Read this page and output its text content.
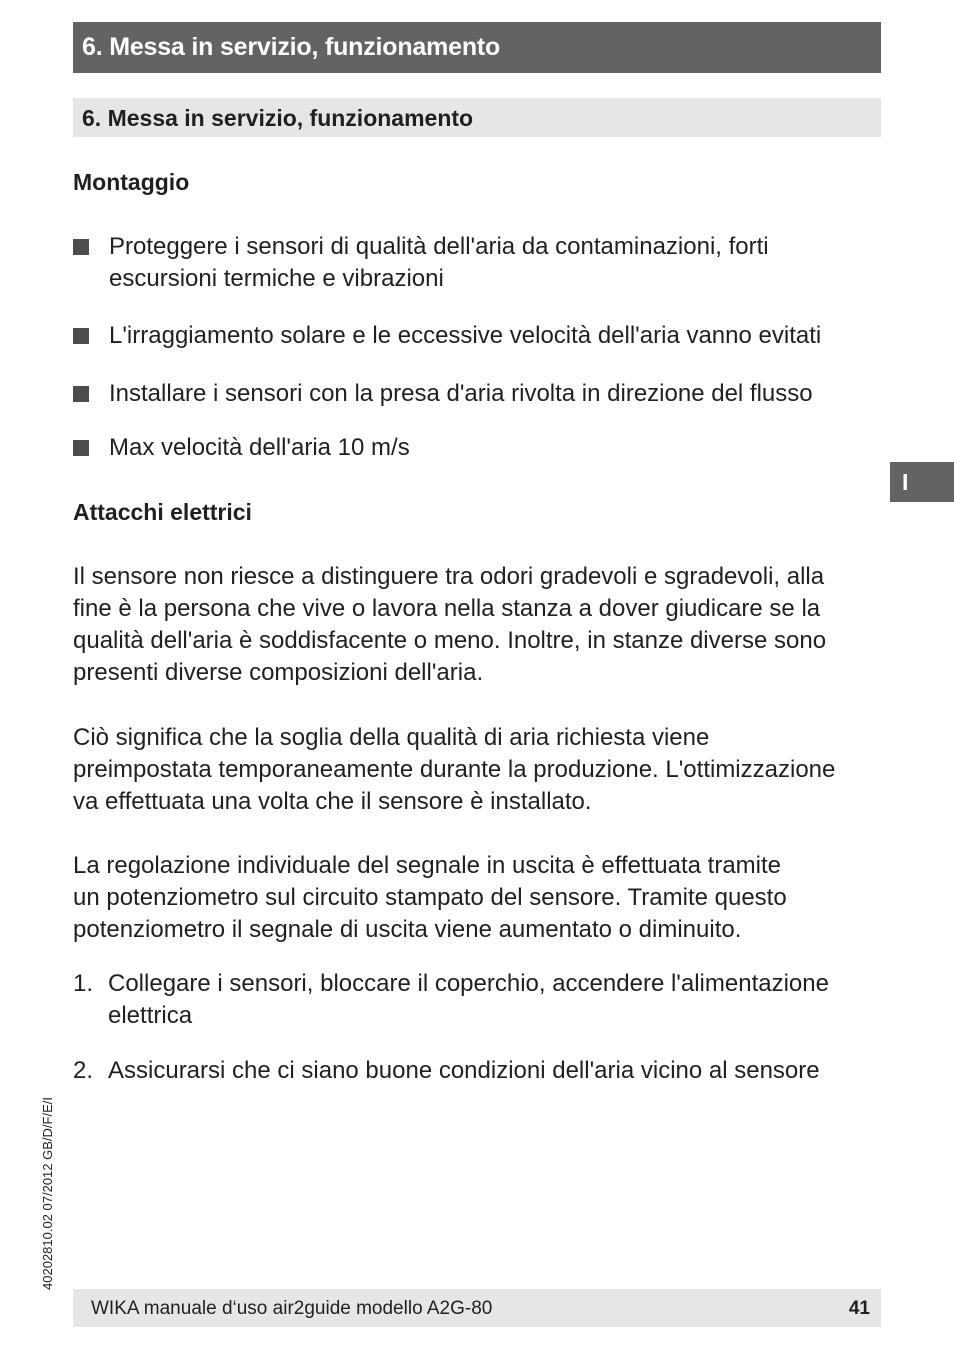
6. Messa in servizio, funzionamento
6. Messa in servizio, funzionamento
Montaggio
Proteggere i sensori di qualità dell'aria da contaminazioni, forti
escursioni termiche e vibrazioni
L'irraggiamento solare e le eccessive velocità dell'aria vanno evitati
Installare i sensori con la presa d'aria rivolta in direzione del flusso
Max velocità dell'aria 10 m/s
Attacchi elettrici
Il sensore non riesce a distinguere tra odori gradevoli e sgradevoli, alla
fine è la persona che vive o lavora nella stanza a dover giudicare se la
qualità dell'aria è soddisfacente o meno. Inoltre, in stanze diverse sono
presenti diverse composizioni dell'aria.
Ciò significa che la soglia della qualità di aria richiesta viene
preimpostata temporaneamente durante la produzione. L'ottimizzazione
va effettuata una volta che il sensore è installato.
La regolazione individuale del segnale in uscita è effettuata tramite
un potenziometro sul circuito stampato del sensore. Tramite questo
potenziometro il segnale di uscita viene aumentato o diminuito.
1. Collegare i sensori, bloccare il coperchio, accendere l'alimentazione
elettrica
2. Assicurarsi che ci siano buone condizioni dell'aria vicino al sensore
I
40202810.02 07/2012 GB/D/F/E/I
WIKA manuale d‘uso air2guide modello A2G-80	41
